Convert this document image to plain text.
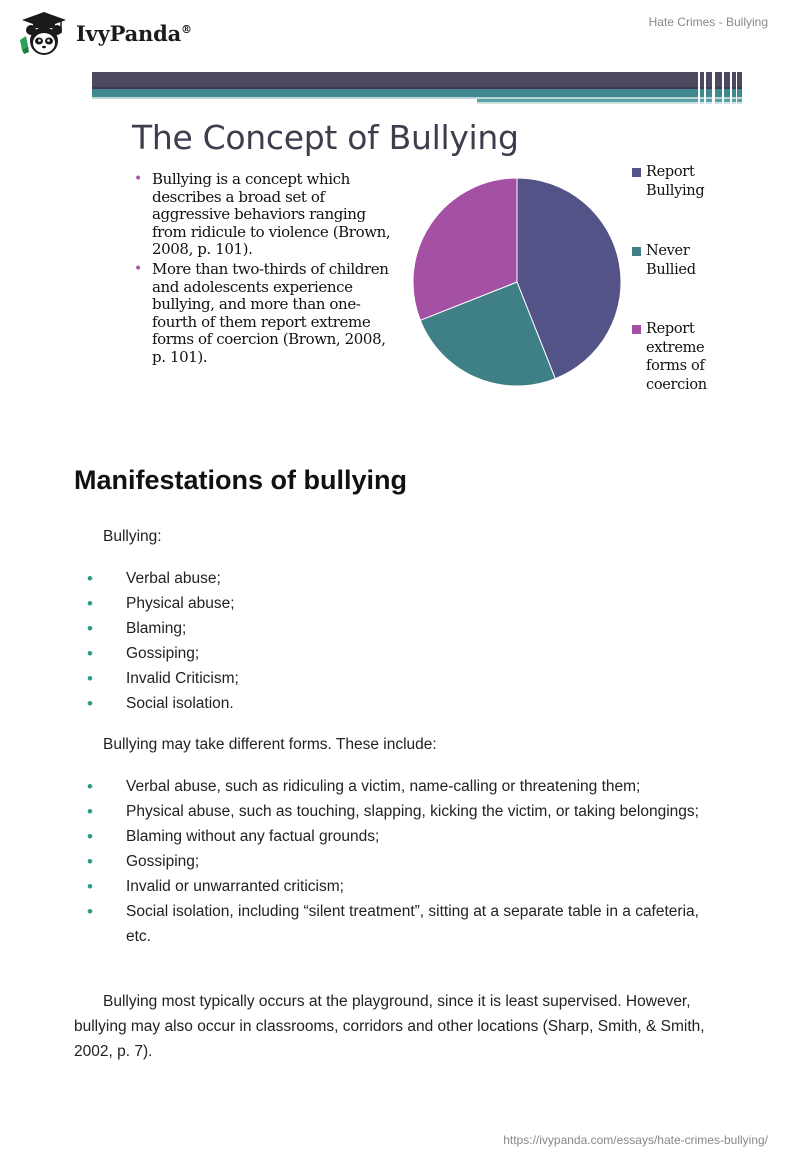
IvyPanda®	Hate Crimes - Bullying
The Concept of Bullying
• Bullying is a concept which describes a broad set of aggressive behaviors ranging from ridicule to violence (Brown, 2008, p. 101).
• More than two-thirds of children and adolescents experience bullying, and more than one-fourth of them report extreme forms of coercion (Brown, 2008, p. 101).
Report
Bullying
Never
Bullied
Report
extreme
forms of
coercion
Manifestations of bullying

Bullying:

• Verbal abuse;
• Physical abuse;
• Blaming;
• Gossiping;
• Invalid Criticism;
• Social isolation.

Bullying may take different forms. These include:

• Verbal abuse, such as ridiculing a victim, name-calling or threatening them;
• Physical abuse, such as touching, slapping, kicking the victim, or taking belongings;
• Blaming without any factual grounds;
• Gossiping;
• Invalid or unwarranted criticism;
• Social isolation, including “silent treatment”, sitting at a separate table in a cafeteria, etc.

Bullying most typically occurs at the playground, since it is least supervised. However, bullying may also occur in classrooms, corridors and other locations (Sharp, Smith, & Smith, 2002, p. 7).

https://ivypanda.com/essays/hate-crimes-bullying/
